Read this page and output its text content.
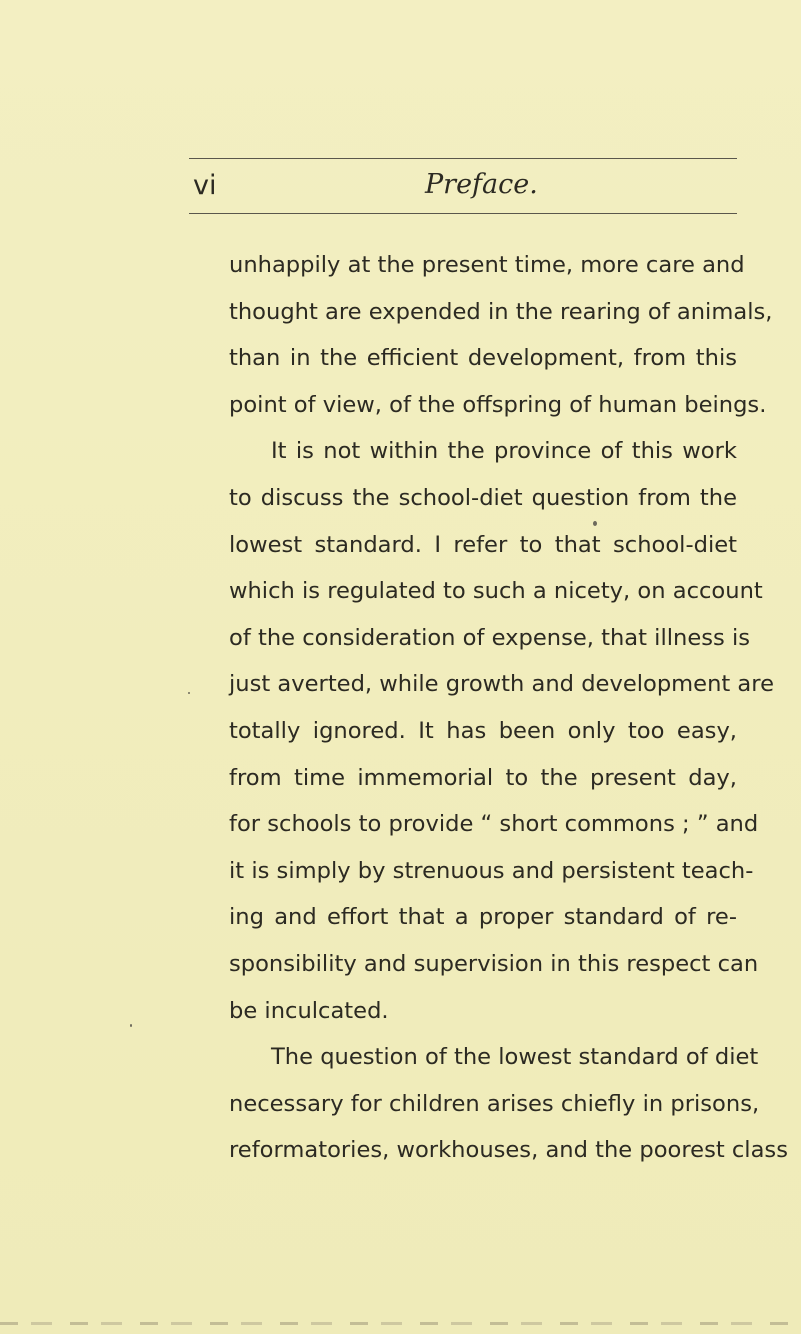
vi	Preface.
unhappily at the present time, more care and
thought are expended in the rearing of animals,
than in the efficient development, from this
point of view, of the offspring of human beings.
It is not within the province of this work
to discuss the school-diet question from the
lowest standard. I refer to that school-diet
which is regulated to such a nicety, on account
of the consideration of expense, that illness is
just averted, while growth and development are
totally ignored. It has been only too easy,
from time immemorial to the present day,
for schools to provide “ short commons ; ” and
it is simply by strenuous and persistent teach-
ing and effort that a proper standard of re-
sponsibility and supervision in this respect can
be inculcated.
The question of the lowest standard of diet
necessary for children arises chiefly in prisons,
reformatories, workhouses, and the poorest class
